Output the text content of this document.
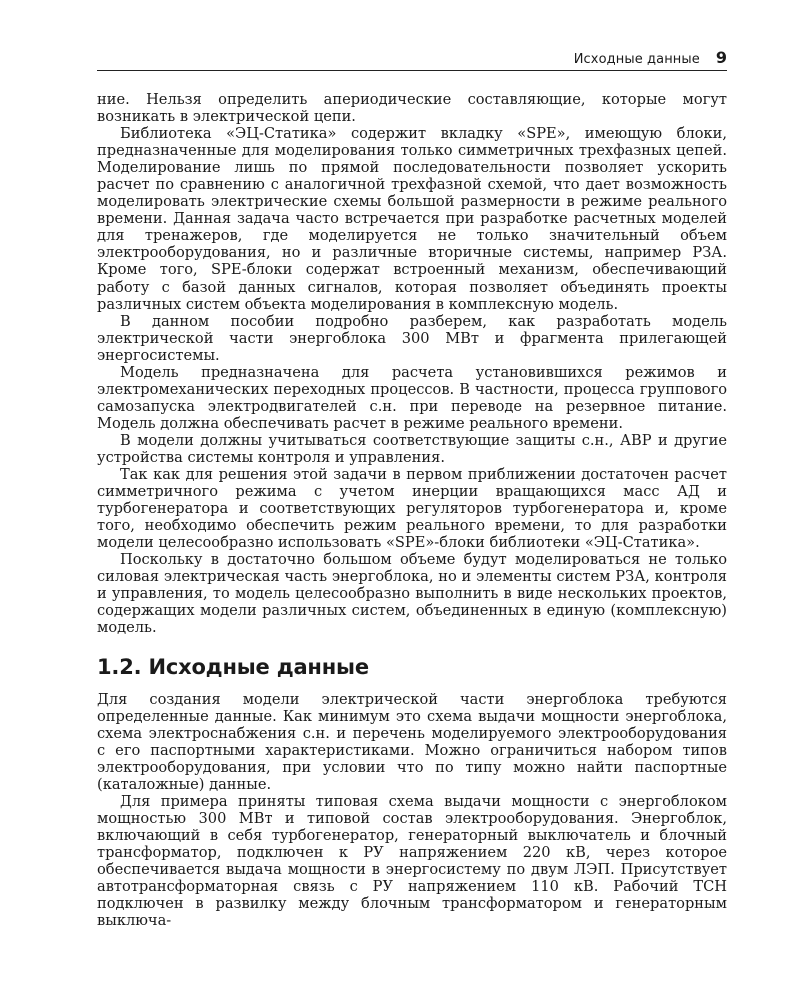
Исходные данные 9

ние. Нельзя определить апериодические составляющие, которые могут возникать в электрической цепи.

Библиотека «ЭЦ-Статика» содержит вкладку «SPE», имеющую блоки, предназначенные для моделирования только симметричных трехфазных цепей. Моделирование лишь по прямой последовательности позволяет ускорить расчет по сравнению с аналогичной трехфазной схемой, что дает возможность моделировать электрические схемы большой размерности в режиме реального времени. Данная задача часто встречается при разработке расчетных моделей для тренажеров, где моделируется не только значительный объем электрооборудования, но и различные вторичные системы, например РЗА. Кроме того, SPE-блоки содержат встроенный механизм, обеспечивающий работу с базой данных сигналов, которая позволяет объединять проекты различных систем объекта моделирования в комплексную модель.

В данном пособии подробно разберем, как разработать модель электрической части энергоблока 300 МВт и фрагмента прилегающей энергосистемы.

Модель предназначена для расчета установившихся режимов и электромеханических переходных процессов. В частности, процесса группового самозапуска электродвигателей с.н. при переводе на резервное питание. Модель должна обеспечивать расчет в режиме реального времени.

В модели должны учитываться соответствующие защиты с.н., АВР и другие устройства системы контроля и управления.

Так как для решения этой задачи в первом приближении достаточен расчет симметричного режима с учетом инерции вращающихся масс АД и турбогенератора и соответствующих регуляторов турбогенератора и, кроме того, необходимо обеспечить режим реального времени, то для разработки модели целесообразно использовать «SPE»-блоки библиотеки «ЭЦ-Статика».

Поскольку в достаточно большом объеме будут моделироваться не только силовая электрическая часть энергоблока, но и элементы систем РЗА, контроля и управления, то модель целесообразно выполнить в виде нескольких проектов, содержащих модели различных систем, объединенных в единую (комплексную) модель.

1.2. Исходные данные

Для создания модели электрической части энергоблока требуются определенные данные. Как минимум это схема выдачи мощности энергоблока, схема электроснабжения с.н. и перечень моделируемого электрооборудования с его паспортными характеристиками. Можно ограничиться набором типов электрооборудования, при условии что по типу можно найти паспортные (каталожные) данные.

Для примера приняты типовая схема выдачи мощности с энергоблоком мощностью 300 МВт и типовой состав электрооборудования. Энергоблок, включающий в себя турбогенератор, генераторный выключатель и блочный трансформатор, подключен к РУ напряжением 220 кВ, через которое обеспечивается выдача мощности в энергосистему по двум ЛЭП. Присутствует автотрансформаторная связь с РУ напряжением 110 кВ. Рабочий ТСН подключен в развилку между блочным трансформатором и генераторным выключа-
